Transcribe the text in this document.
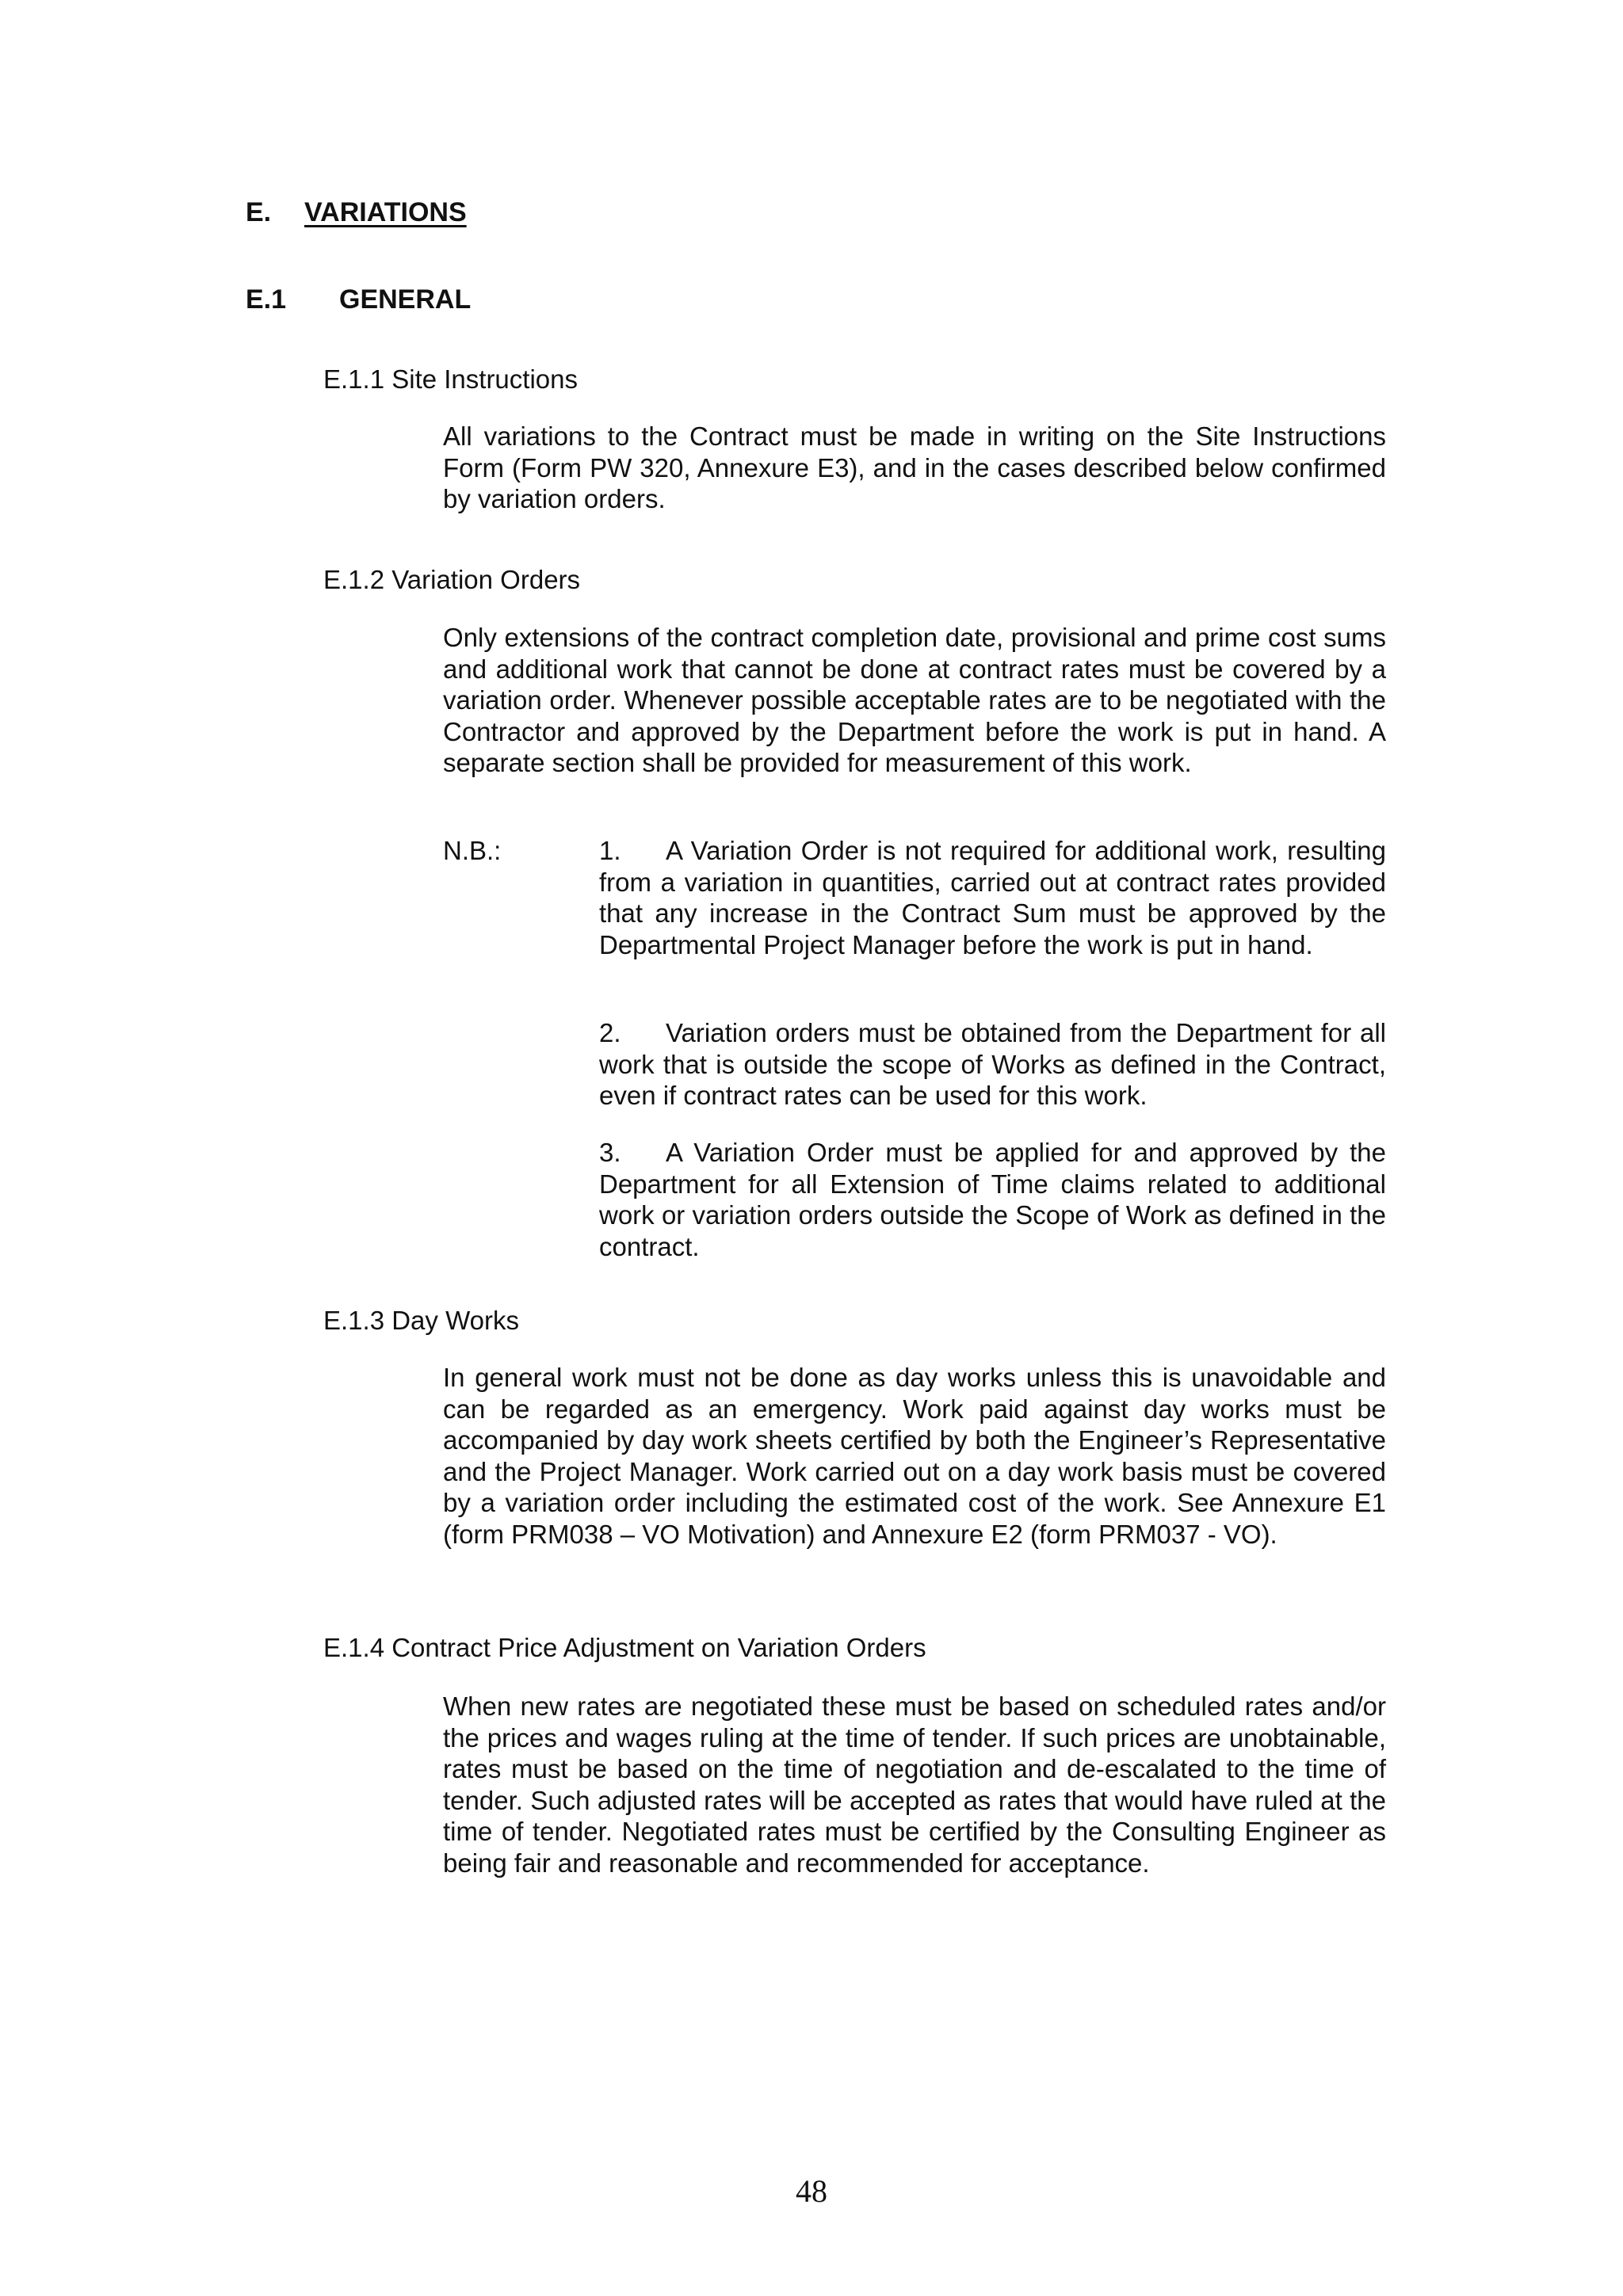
E. VARIATIONS
E.1 GENERAL
E.1.1 Site Instructions

All variations to the Contract must be made in writing on the Site Instructions Form (Form PW 320, Annexure E3), and in the cases described below confirmed by variation orders.

E.1.2 Variation Orders

Only extensions of the contract completion date, provisional and prime cost sums and additional work that cannot be done at contract rates must be covered by a variation order. Whenever possible acceptable rates are to be negotiated with the Contractor and approved by the Department before the work is put in hand. A separate section shall be provided for measurement of this work.

N.B.:	1. A Variation Order is not required for additional work, resulting from a variation in quantities, carried out at contract rates provided that any increase in the Contract Sum must be approved by the Departmental Project Manager before the work is put in hand.

2. Variation orders must be obtained from the Department for all work that is outside the scope of Works as defined in the Contract, even if contract rates can be used for this work.

3. A Variation Order must be applied for and approved by the Department for all Extension of Time claims related to additional work or variation orders outside the Scope of Work as defined in the contract.

E.1.3 Day Works

In general work must not be done as day works unless this is unavoidable and can be regarded as an emergency. Work paid against day works must be accompanied by day work sheets certified by both the Engineer’s Representative and the Project Manager. Work carried out on a day work basis must be covered by a variation order including the estimated cost of the work. See Annexure E1 (form PRM038 – VO Motivation) and Annexure E2 (form PRM037 - VO).

E.1.4 Contract Price Adjustment on Variation Orders

When new rates are negotiated these must be based on scheduled rates and/or the prices and wages ruling at the time of tender. If such prices are unobtainable, rates must be based on the time of negotiation and de-escalated to the time of tender. Such adjusted rates will be accepted as rates that would have ruled at the time of tender. Negotiated rates must be certified by the Consulting Engineer as being fair and reasonable and recommended for acceptance.

48
